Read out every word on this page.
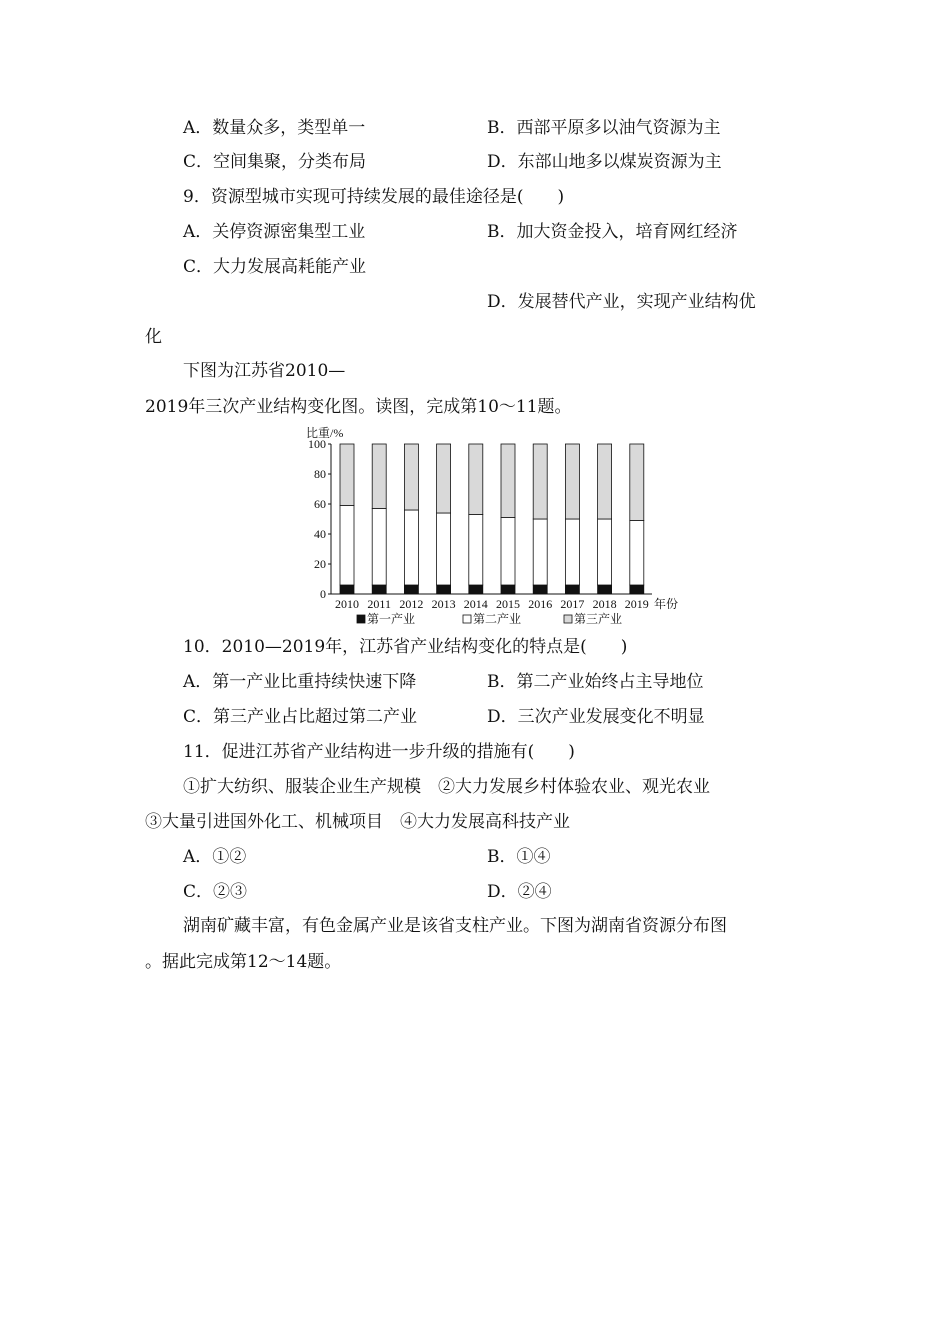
A．数量众多，类型单一	B．西部平原多以油气资源为主
C．空间集聚，分类布局	D．东部山地多以煤炭资源为主
9．资源型城市实现可持续发展的最佳途径是(　　)
A．关停资源密集型工业	B．加大资金投入，培育网红经济
C．大力发展高耗能产业
D．发展替代产业，实现产业结构优
化
下图为江苏省2010—
2019年三次产业结构变化图。读图，完成第10～11题。
比重/%
0
20
40
60
80
100
2010 2011 2012 2013 2014 2015 2016 2017 2018 2019 年份
第一产业	第二产业	第三产业
10．2010—2019年，江苏省产业结构变化的特点是(　　)
A．第一产业比重持续快速下降	B．第二产业始终占主导地位
C．第三产业占比超过第二产业	D．三次产业发展变化不明显
11．促进江苏省产业结构进一步升级的措施有(　　)
①扩大纺织、服装企业生产规模　②大力发展乡村体验农业、观光农业
③大量引进国外化工、机械项目　④大力发展高科技产业
A．①②	B．①④
C．②③	D．②④
湖南矿藏丰富，有色金属产业是该省支柱产业。下图为湖南省资源分布图
。据此完成第12～14题。
